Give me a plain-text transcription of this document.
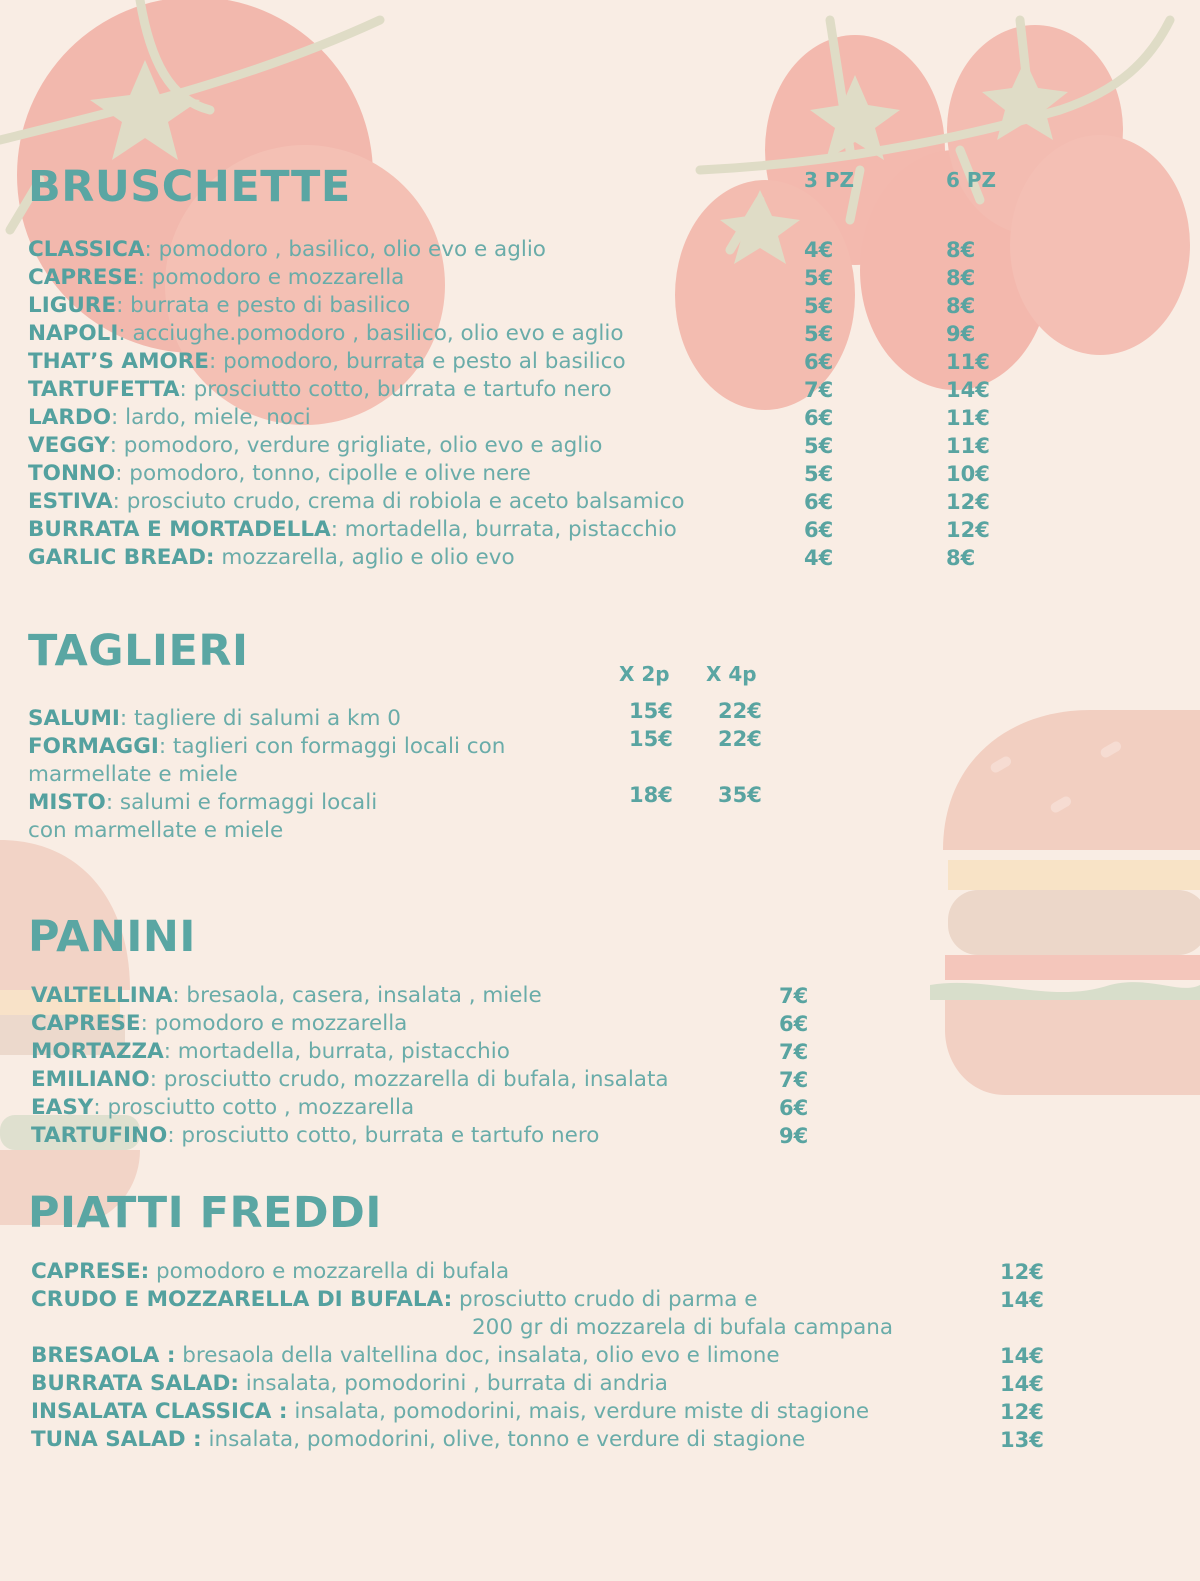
BRUSCHETTE	3 PZ	6 PZ
CLASSICA: pomodoro , basilico, olio evo e aglio	4€	8€
CAPRESE: pomodoro e mozzarella	5€	8€
LIGURE: burrata e pesto di basilico	5€	8€
NAPOLI: acciughe.pomodoro , basilico, olio evo e aglio	5€	9€
THAT’S AMORE: pomodoro, burrata e pesto al basilico	6€	11€
TARTUFETTA: prosciutto cotto, burrata e tartufo nero	7€	14€
LARDO: lardo, miele, noci	6€	11€
VEGGY: pomodoro, verdure grigliate, olio evo e aglio	5€	11€
TONNO: pomodoro, tonno, cipolle e olive nere	5€	10€
ESTIVA: prosciuto crudo, crema di robiola e aceto balsamico	6€	12€
BURRATA E MORTADELLA: mortadella, burrata, pistacchio	6€	12€
GARLIC BREAD: mozzarella, aglio e olio evo	4€	8€
TAGLIERI	X 2p X 4p
SALUMI: tagliere di salumi a km 0	15€ 22€
FORMAGGI: taglieri con formaggi locali con
marmellate e miele
15€ 22€
MISTO: salumi e formaggi locali
con marmellate e miele
18€ 35€
PANINI
VALTELLINA: bresaola, casera, insalata , miele	7€
CAPRESE: pomodoro e mozzarella	6€
MORTAZZA: mortadella, burrata, pistacchio	7€
EMILIANO: prosciutto crudo, mozzarella di bufala, insalata	7€
EASY: prosciutto cotto , mozzarella	6€
TARTUFINO: prosciutto cotto, burrata e tartufo nero	9€
PIATTI FREDDI
CAPRESE: pomodoro e mozzarella di bufala	12€
CRUDO E MOZZARELLA DI BUFALA: prosciutto crudo di parma e	14€
200 gr di mozzarela di bufala campana
BRESAOLA : bresaola della valtellina doc, insalata, olio evo e limone	14€
BURRATA SALAD: insalata, pomodorini , burrata di andria	14€
INSALATA CLASSICA : insalata, pomodorini, mais, verdure miste di stagione	12€
TUNA SALAD : insalata, pomodorini, olive, tonno e verdure di stagione	13€
